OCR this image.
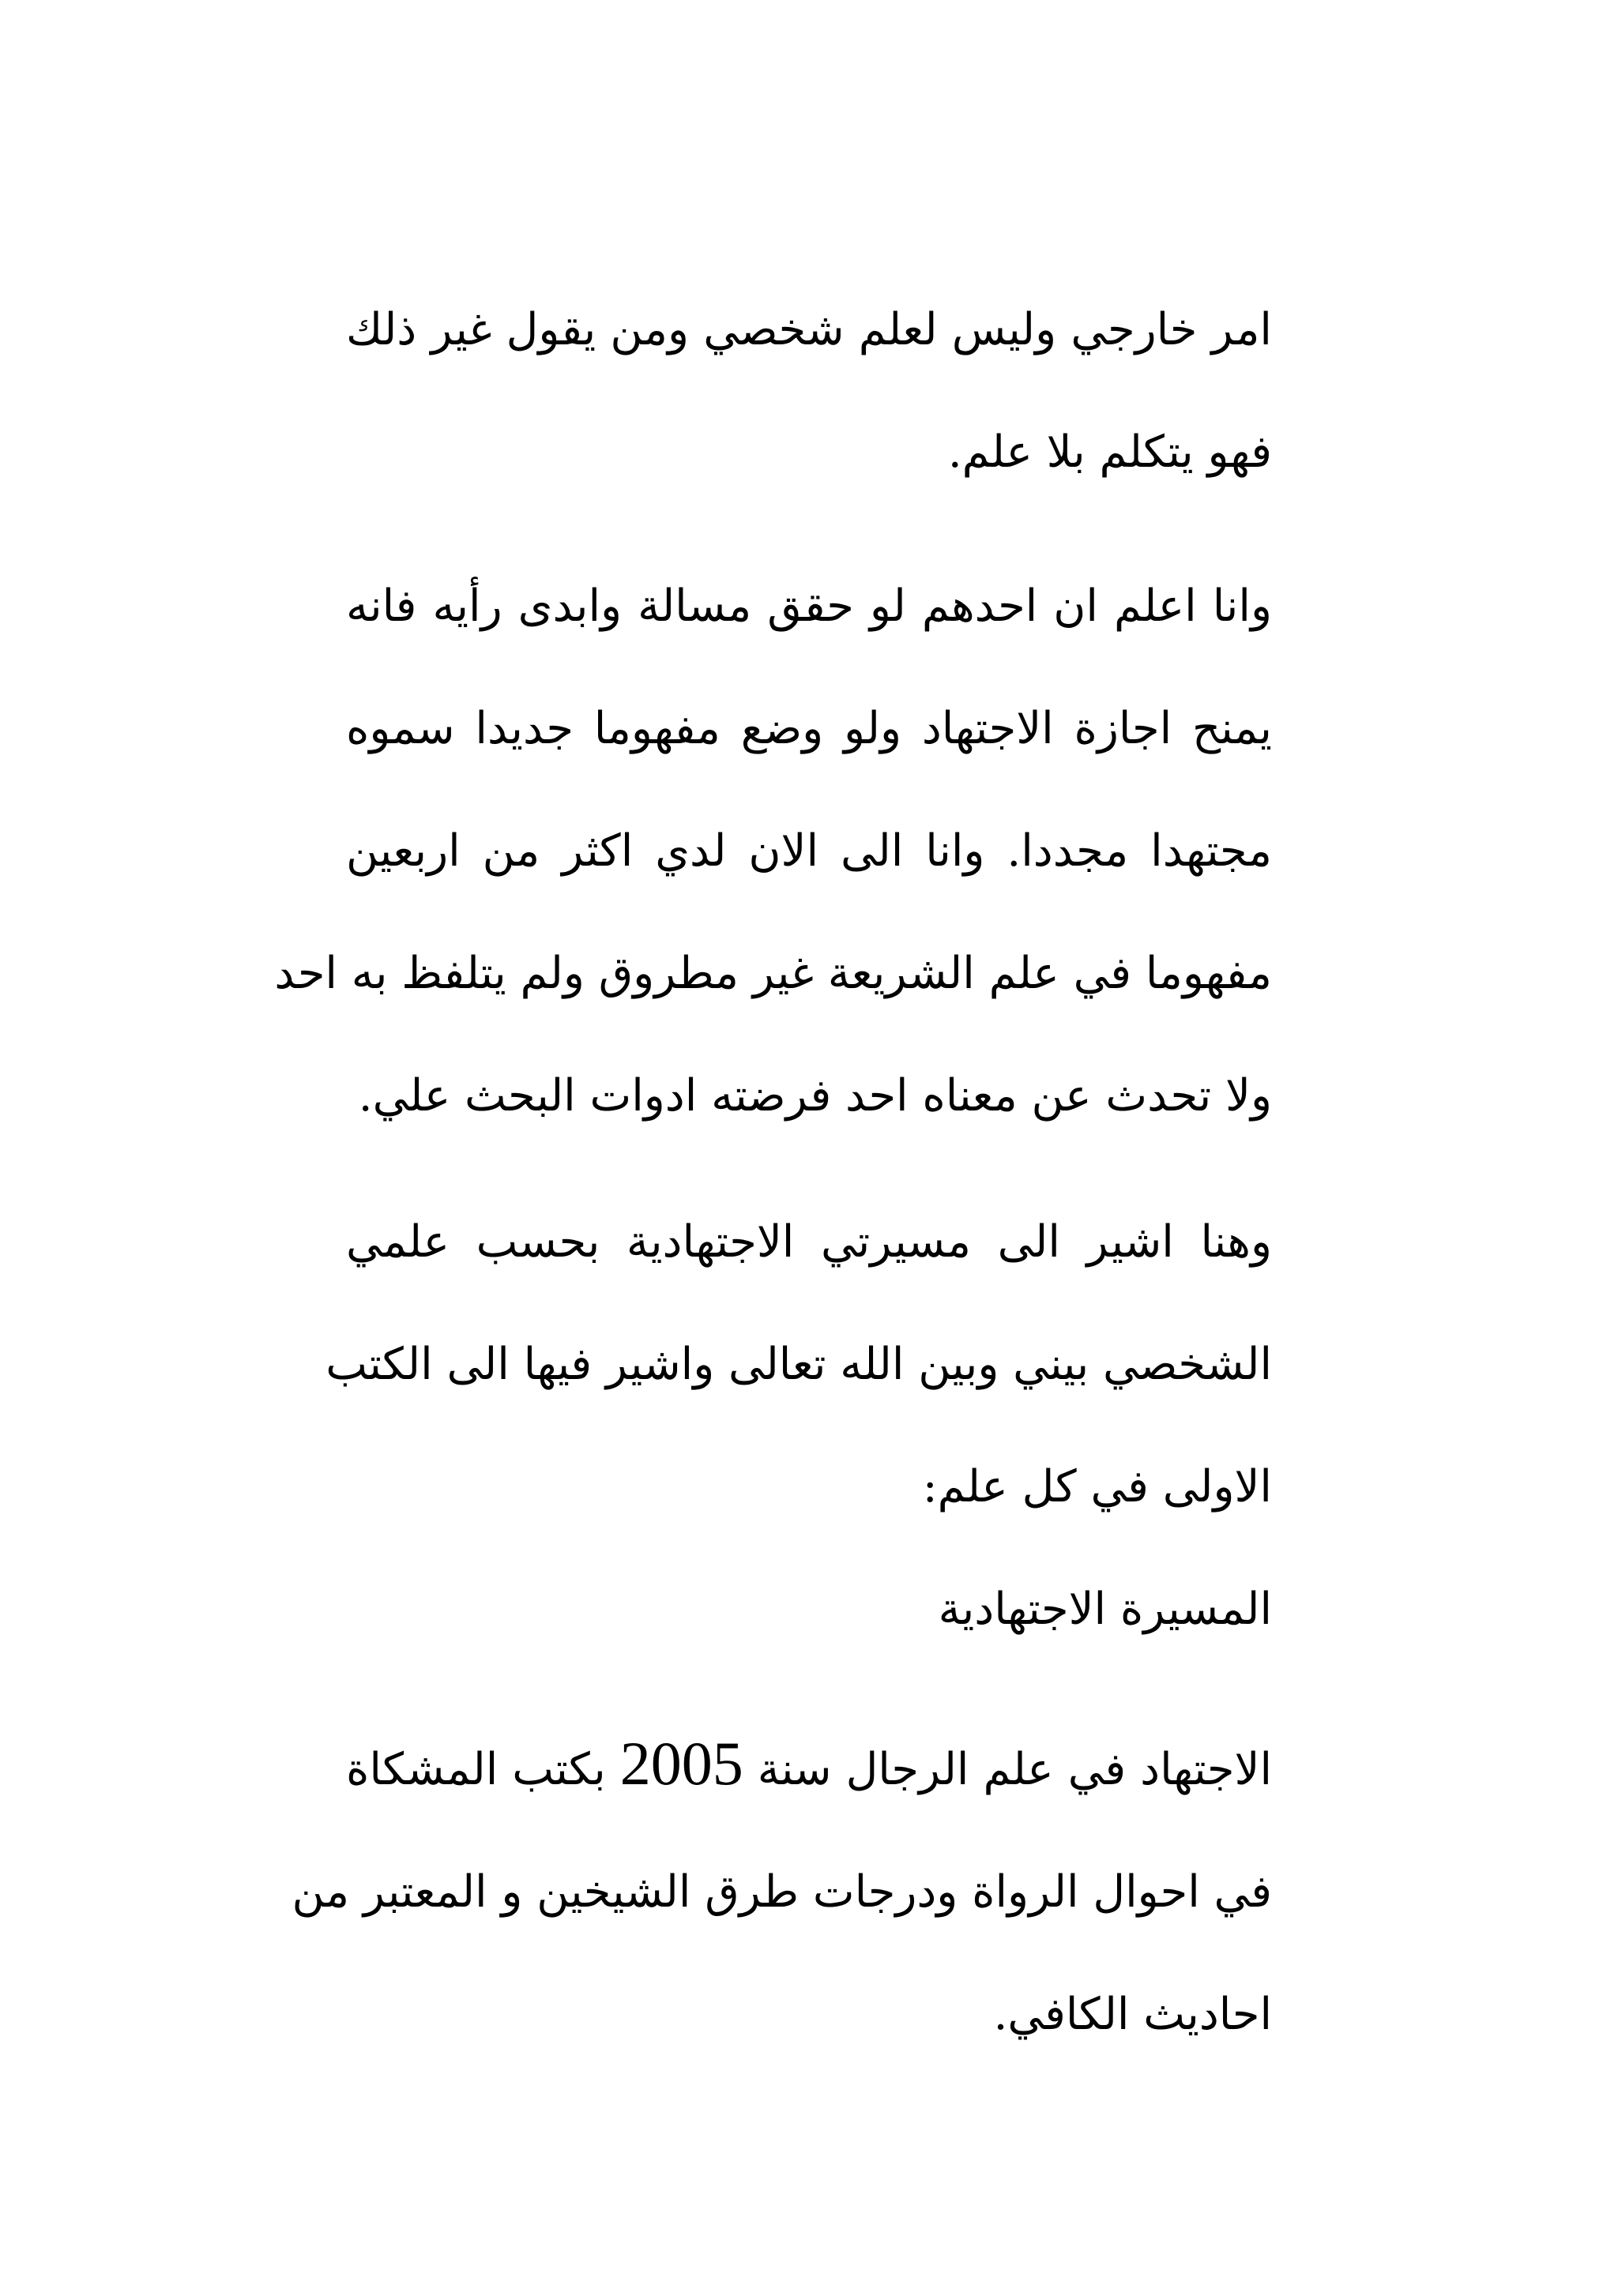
امر خارجي وليس لعلم شخصي ومن يقول غير ذلك
فهو يتكلم بلا علم.

وانا اعلم ان احدهم لو حقق مسالة وابدى رأيه فانه
يمنح اجازة الاجتهاد ولو وضع مفهوما جديدا سموه
مجتهدا مجددا. وانا الى الان لدي اكثر من اربعين
مفهوما في علم الشريعة غير مطروق ولم يتلفظ به احد
ولا تحدث عن معناه احد فرضته ادوات البحث علي.

وهنا اشير الى مسيرتي الاجتهادية بحسب علمي
الشخصي بيني وبين الله تعالى واشير فيها الى الكتب
الاولى في كل علم:

المسيرة الاجتهادية

الاجتهاد في علم الرجال سنة 2005 بكتب المشكاة
في احوال الرواة ودرجات طرق الشيخين و المعتبر من
احاديث الكافي.
